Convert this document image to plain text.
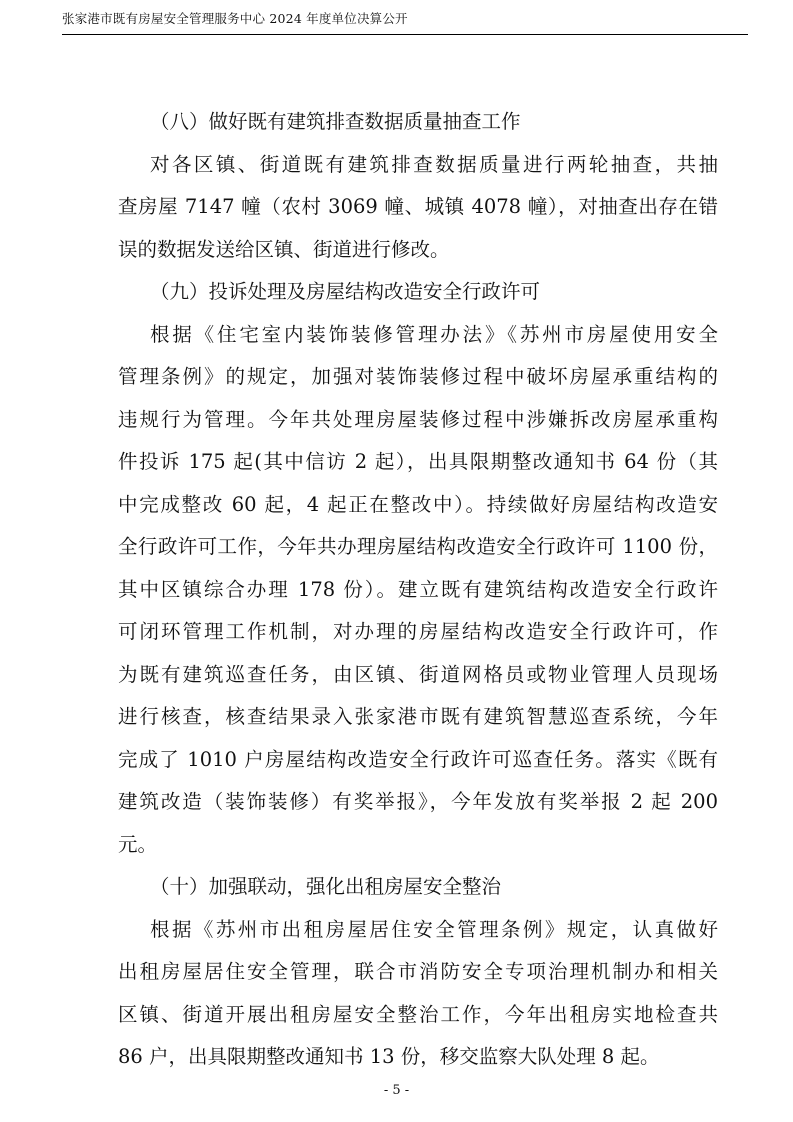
张家港市既有房屋安全管理服务中心 2024 年度单位决算公开
（八）做好既有建筑排查数据质量抽查工作
对各区镇、街道既有建筑排查数据质量进行两轮抽查，共抽
查房屋 7147 幢（农村 3069 幢、城镇 4078 幢），对抽查出存在错
误的数据发送给区镇、街道进行修改。
（九）投诉处理及房屋结构改造安全行政许可
根据《住宅室内装饰装修管理办法》《苏州市房屋使用安全
管理条例》的规定，加强对装饰装修过程中破坏房屋承重结构的
违规行为管理。今年共处理房屋装修过程中涉嫌拆改房屋承重构
件投诉 175 起(其中信访 2 起），出具限期整改通知书 64 份（其
中完成整改 60 起，4 起正在整改中）。持续做好房屋结构改造安
全行政许可工作，今年共办理房屋结构改造安全行政许可 1100 份，
其中区镇综合办理 178 份）。建立既有建筑结构改造安全行政许
可闭环管理工作机制，对办理的房屋结构改造安全行政许可，作
为既有建筑巡查任务，由区镇、街道网格员或物业管理人员现场
进行核查，核查结果录入张家港市既有建筑智慧巡查系统，今年
完成了 1010 户房屋结构改造安全行政许可巡查任务。落实《既有
建筑改造（装饰装修）有奖举报》，今年发放有奖举报 2 起 200
元。
（十）加强联动，强化出租房屋安全整治
根据《苏州市出租房屋居住安全管理条例》规定，认真做好
出租房屋居住安全管理，联合市消防安全专项治理机制办和相关
区镇、街道开展出租房屋安全整治工作，今年出租房实地检查共
86 户，出具限期整改通知书 13 份，移交监察大队处理 8 起。
- 5 -
